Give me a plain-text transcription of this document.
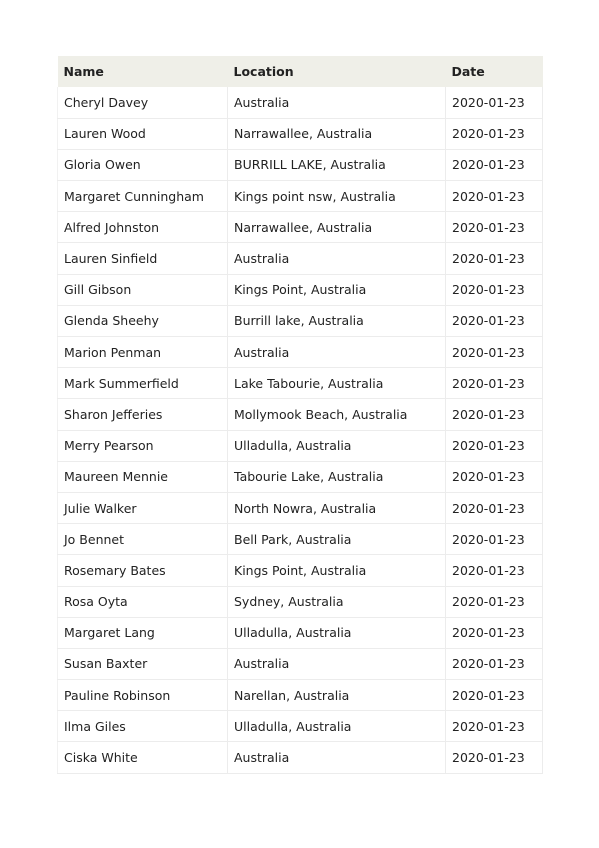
Name	Location	Date
Cheryl Davey	Australia	2020-01-23
Lauren Wood	Narrawallee, Australia	2020-01-23
Gloria Owen	BURRILL LAKE, Australia	2020-01-23
Margaret Cunningham	Kings point nsw, Australia	2020-01-23
Alfred Johnston	Narrawallee, Australia	2020-01-23
Lauren Sinfield	Australia	2020-01-23
Gill Gibson	Kings Point, Australia	2020-01-23
Glenda Sheehy	Burrill lake, Australia	2020-01-23
Marion Penman	Australia	2020-01-23
Mark Summerfield	Lake Tabourie, Australia	2020-01-23
Sharon Jefferies	Mollymook Beach, Australia	2020-01-23
Merry Pearson	Ulladulla, Australia	2020-01-23
Maureen Mennie	Tabourie Lake, Australia	2020-01-23
Julie Walker	North Nowra, Australia	2020-01-23
Jo Bennet	Bell Park, Australia	2020-01-23
Rosemary Bates	Kings Point, Australia	2020-01-23
Rosa Oyta	Sydney, Australia	2020-01-23
Margaret Lang	Ulladulla, Australia	2020-01-23
Susan Baxter	Australia	2020-01-23
Pauline Robinson	Narellan, Australia	2020-01-23
Ilma Giles	Ulladulla, Australia	2020-01-23
Ciska White	Australia	2020-01-23
